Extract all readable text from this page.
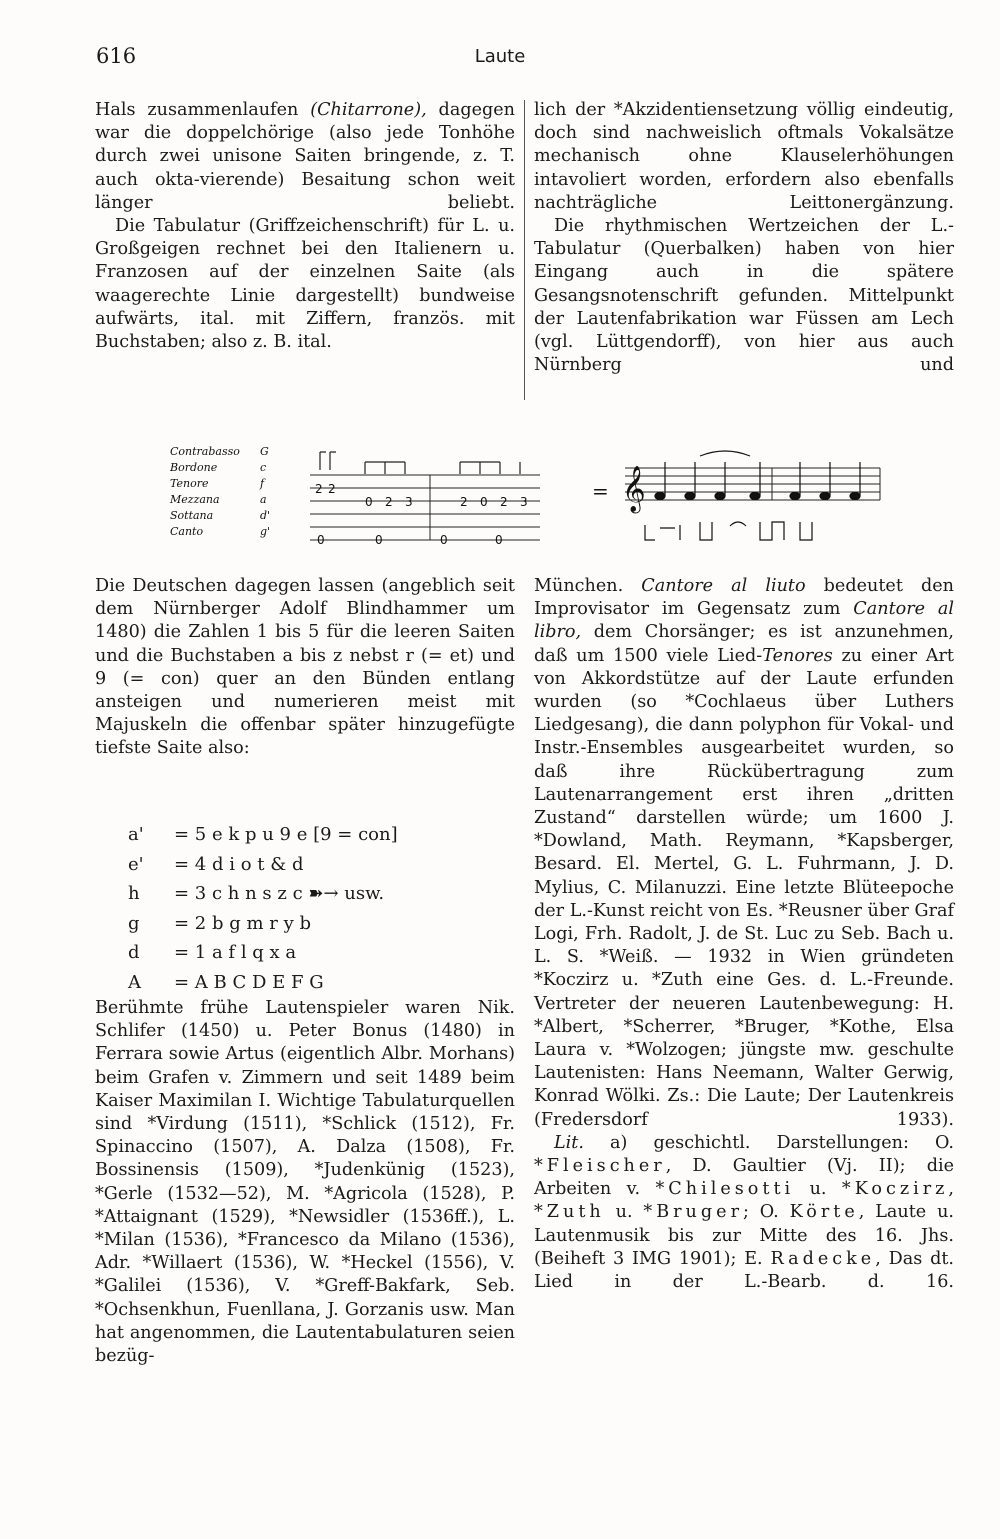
616	Laute

Hals zusammenlaufen (Chitarrone), dagegen war die doppelchörige (also jede Tonhöhe durch zwei unisone Saiten bringende, z. T. auch okta-vierende) Besaitung schon weit länger beliebt.

Die Tabulatur (Griffzeichenschrift) für L. u. Großgeigen rechnet bei den Italienern u. Franzosen auf der einzelnen Saite (als waagerechte Linie dargestellt) bundweise aufwärts, ital. mit Ziffern, französ. mit Buchstaben; also z. B. ital.

lich der *Akzidentiensetzung völlig eindeutig, doch sind nachweislich oftmals Vokalsätze mechanisch ohne Klauselerhöhungen intavoliert worden, erfordern also ebenfalls nachträgliche Leittonergänzung.

Die rhythmischen Wertzeichen der L.-Tabulatur (Querbalken) haben von hier Eingang auch in die spätere Gesangsnotenschrift gefunden. Mittelpunkt der Lautenfabrikation war Füssen am Lech (vgl. Lüttgendorff), von hier aus auch Nürnberg und

Contrabasso
Bordone
Tenore
Mezzana
Sottana
Canto
G
c
f
a
d'
g'
2 2
0 2 3	2 0 2 3
0	0	0	0
= 𝄞

Die Deutschen dagegen lassen (angeblich seit dem Nürnberger Adolf Blindhammer um 1480) die Zahlen 1 bis 5 für die leeren Saiten und die Buchstaben a bis z nebst r (= et) und 9 (= con) quer an den Bünden entlang ansteigen und numerieren meist mit Majuskeln die offenbar später hinzugefügte tiefste Saite also:

a' = 5 e k p u 9 e [9 = con]
e' = 4 d i o t & d
h = 3 c h n s z c ➽→ usw.
g = 2 b g m r y b
d = 1 a f l q x a
A = A B C D E F G

Berühmte frühe Lautenspieler waren Nik. Schlifer (1450) u. Peter Bonus (1480) in Ferrara sowie Artus (eigentlich Albr. Morhans) beim Grafen v. Zimmern und seit 1489 beim Kaiser Maximilan I. Wichtige Tabulaturquellen sind *Virdung (1511), *Schlick (1512), Fr. Spinaccino (1507), A. Dalza (1508), Fr. Bossinensis (1509), *Judenkünig (1523), *Gerle (1532—52), M. *Agricola (1528), P. *Attaignant (1529), *Newsidler (1536ff.), L. *Milan (1536), *Francesco da Milano (1536), Adr. *Willaert (1536), W. *Heckel (1556), V. *Galilei (1536), V. *Greff-Bakfark, Seb. *Ochsenkhun, Fuenllana, J. Gorzanis usw. Man hat angenommen, die Lautentabulaturen seien bezüg-

München. Cantore al liuto bedeutet den Improvisator im Gegensatz zum Cantore al libro, dem Chorsänger; es ist anzunehmen, daß um 1500 viele Lied-Tenores zu einer Art von Akkordstütze auf der Laute erfunden wurden (so *Cochlaeus über Luthers Liedgesang), die dann polyphon für Vokal- und Instr.-Ensembles ausgearbeitet wurden, so daß ihre Rückübertragung zum Lautenarrangement erst ihren „dritten Zustand“ darstellen würde; um 1600 J. *Dowland, Math. Reymann, *Kapsberger, Besard. El. Mertel, G. L. Fuhrmann, J. D. Mylius, C. Milanuzzi. Eine letzte Blüteepoche der L.-Kunst reicht von Es. *Reusner über Graf Logi, Frh. Radolt, J. de St. Luc zu Seb. Bach u. L. S. *Weiß. — 1932 in Wien gründeten *Koczirz u. *Zuth eine Ges. d. L.-Freunde. Vertreter der neueren Lautenbewegung: H. *Albert, *Scherrer, *Bruger, *Kothe, Elsa Laura v. *Wolzogen; jüngste mw. geschulte Lautenisten: Hans Neemann, Walter Gerwig, Konrad Wölki. Zs.: Die Laute; Der Lautenkreis (Fredersdorf 1933).

Lit. a) geschichtl. Darstellungen: O. *Fleischer, D. Gaultier (Vj. II); die Arbeiten v. *Chilesotti u. *Koczirz, *Zuth u. *Bruger; O. Körte, Laute u. Lautenmusik bis zur Mitte des 16. Jhs. (Beiheft 3 IMG 1901); E. Radecke, Das dt. Lied in der L.-Bearb. d. 16.
